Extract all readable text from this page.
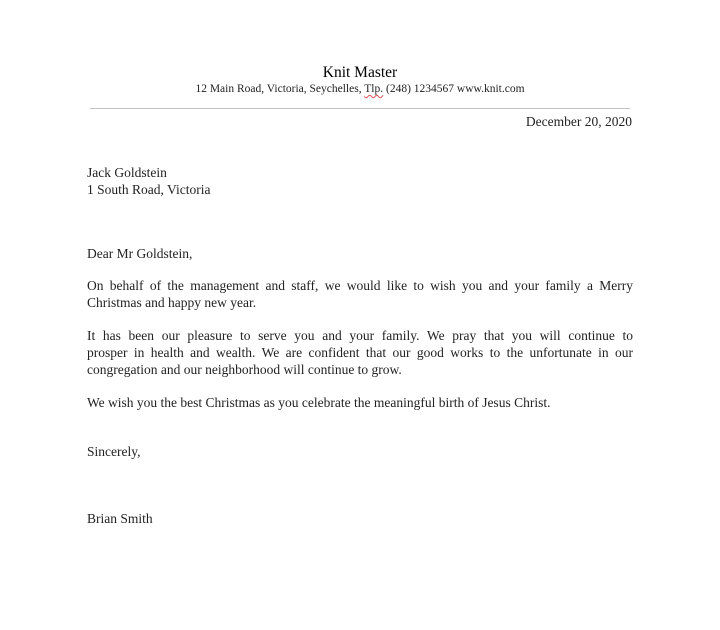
Knit Master
12 Main Road, Victoria, Seychelles, Tlp. (248) 1234567 www.knit.com
December 20, 2020
Jack Goldstein
1 South Road, Victoria
Dear Mr Goldstein,
On behalf of the management and staff, we would like to wish you and your family a Merry
Christmas and happy new year.
It has been our pleasure to serve you and your family. We pray that you will continue to
prosper in health and wealth. We are confident that our good works to the unfortunate in our
congregation and our neighborhood will continue to grow.
We wish you the best Christmas as you celebrate the meaningful birth of Jesus Christ.
Sincerely,
Brian Smith
